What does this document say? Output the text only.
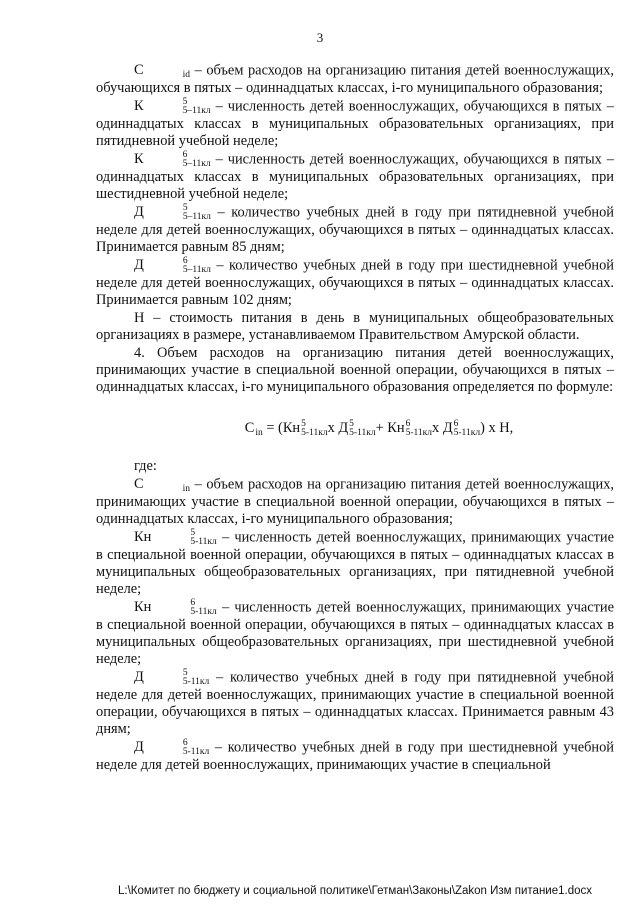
3

C
	id – объем расходов на организацию питания детей военнослужащих, обучающихся в пятых – одиннадцатых классах, i-го муниципального образования;

К	5
5–11кл – численность детей военнослужащих, обучающихся в пятых – одиннадцатых классах в муниципальных образовательных организациях, при пятидневной учебной неделе;

К	6
5–11кл – численность детей военнослужащих, обучающихся в пятых – одиннадцатых классах в муниципальных образовательных организациях, при шестидневной учебной неделе;

Д	5
5–11кл – количество учебных дней в году при пятидневной учебной неделе для детей военнослужащих, обучающихся в пятых – одиннадцатых классах. Принимается равным 85 дням;

Д	6
5–11кл – количество учебных дней в году при шестидневной учебной неделе для детей военнослужащих, обучающихся в пятых – одиннадцатых классах. Принимается равным 102 дням;

Н – стоимость питания в день в муниципальных общеобразовательных организациях в размере, устанавливаемом Правительством Амурской области.

4. Объем расходов на организацию питания детей военнослужащих, принимающих участие в специальной военной операции, обучающихся в пятых – одиннадцатых классах, i-го муниципального образования определяется по формуле:

C
in = (Кн 5
5-11кл x Д 5
5-11кл + Кн 6
5-11кл x Д 6
5-11кл ) x Н,

где:

C
	in – объем расходов на организацию питания детей военнослужащих, принимающих участие в специальной военной операции, обучающихся в пятых – одиннадцатых классах, i-го муниципального образования;

Кн	5
5-11кл – численность детей военнослужащих, принимающих участие в специальной военной операции, обучающихся в пятых – одиннадцатых классах в муниципальных общеобразовательных организациях, при пятидневной учебной неделе;

Кн	6
5-11кл – численность детей военнослужащих, принимающих участие в специальной военной операции, обучающихся в пятых – одиннадцатых классах в муниципальных общеобразовательных организациях, при шестидневной учебной неделе;

Д	5
5-11кл – количество учебных дней в году при пятидневной учебной неделе для детей военнослужащих, принимающих участие в специальной военной операции, обучающихся в пятых – одиннадцатых классах. Принимается равным 43 дням;

Д	6
5-11кл – количество учебных дней в году при шестидневной учебной неделе для детей военнослужащих, принимающих участие в специальной

L:\Комитет по бюджету и социальной политике\Гетман\Законы\Zakon Изм питание1.docx
